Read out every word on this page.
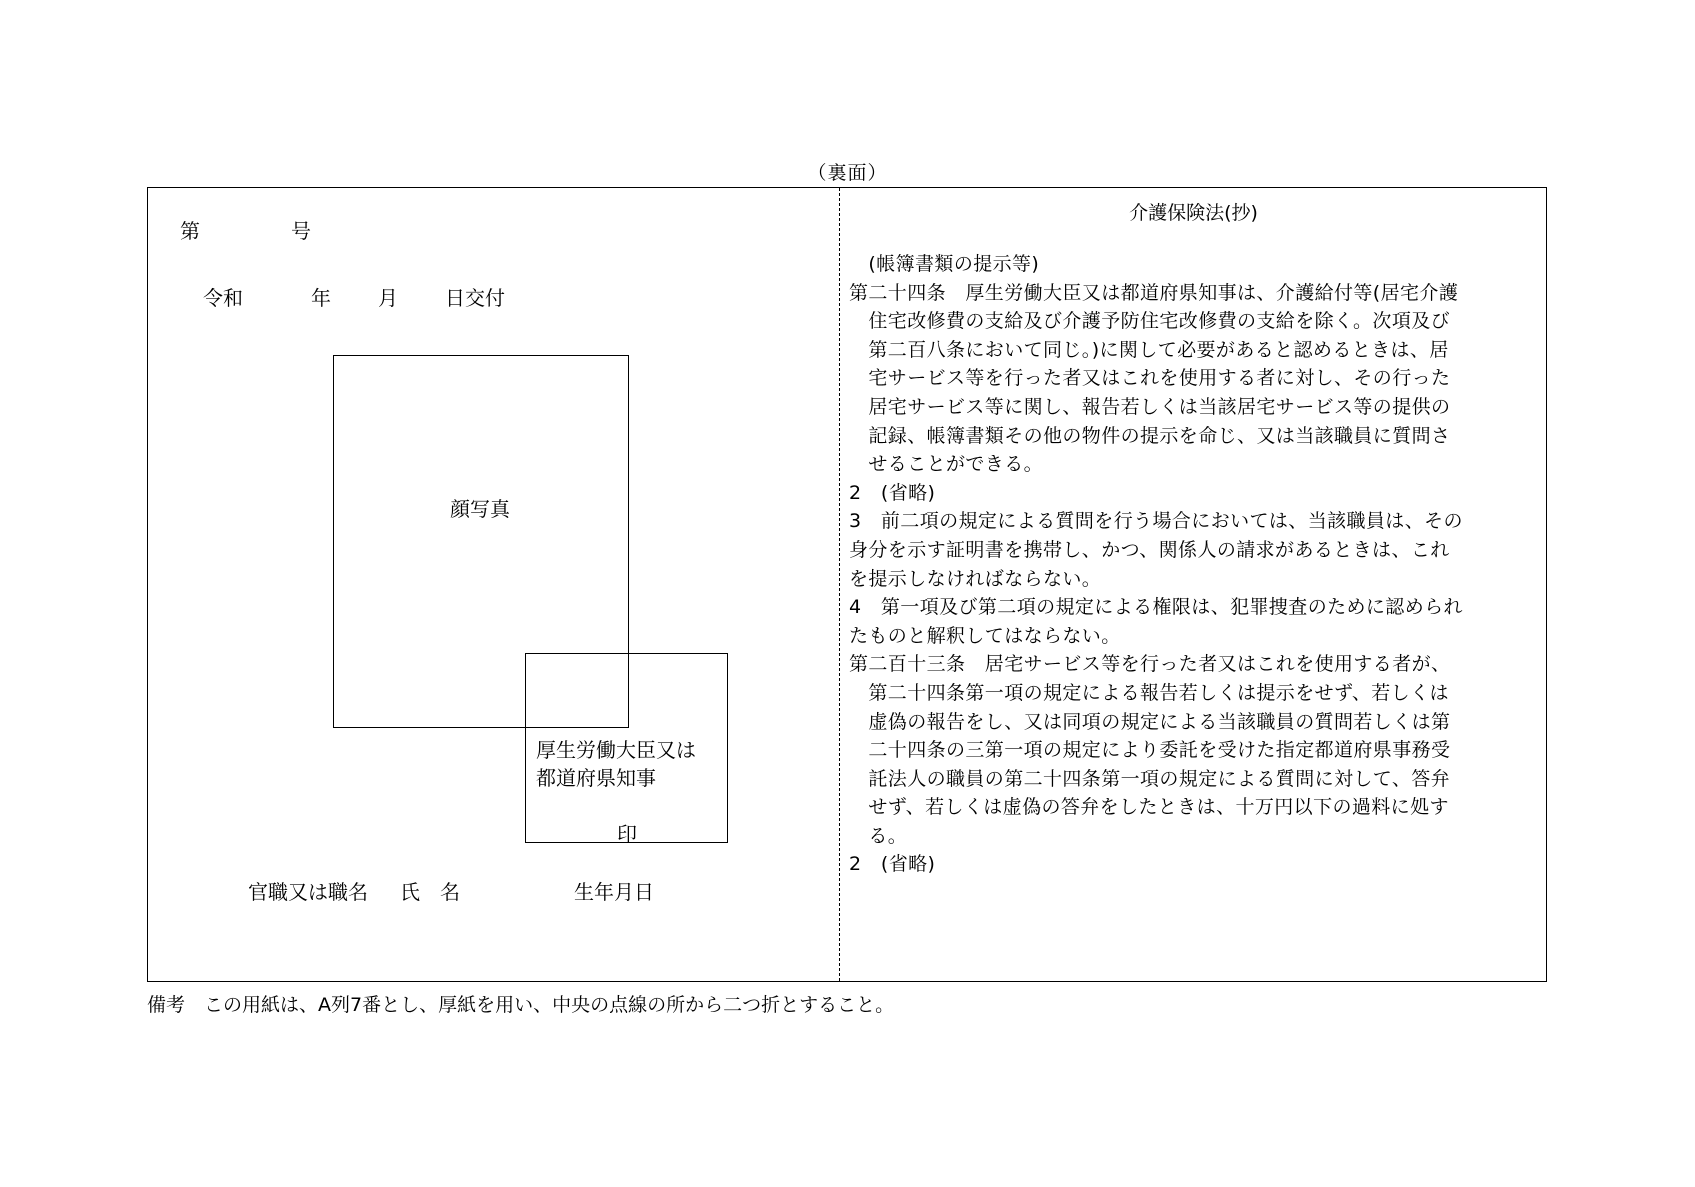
（裏面）
第	号
令和	年 月 日交付
顔写真
厚生労働大臣又は
都道府県知事
印
官職又は職名 氏　名	生年月日
介護保険法(抄)
　(帳簿書類の提示等)
第二十四条　厚生労働大臣又は都道府県知事は、介護給付等(居宅介護
　住宅改修費の支給及び介護予防住宅改修費の支給を除く。次項及び
　第二百八条において同じ。)に関して必要があると認めるときは、居
　宅サービス等を行った者又はこれを使用する者に対し、その行った
　居宅サービス等に関し、報告若しくは当該居宅サービス等の提供の
　記録、帳簿書類その他の物件の提示を命じ、又は当該職員に質問さ
　せることができる。
2　(省略)
3　前二項の規定による質問を行う場合においては、当該職員は、その
身分を示す証明書を携帯し、かつ、関係人の請求があるときは、これ
を提示しなければならない。
4　第一項及び第二項の規定による権限は、犯罪捜査のために認められ
たものと解釈してはならない。
第二百十三条　居宅サービス等を行った者又はこれを使用する者が、
　第二十四条第一項の規定による報告若しくは提示をせず、若しくは
　虚偽の報告をし、又は同項の規定による当該職員の質問若しくは第
　二十四条の三第一項の規定により委託を受けた指定都道府県事務受
　託法人の職員の第二十四条第一項の規定による質問に対して、答弁
　せず、若しくは虚偽の答弁をしたときは、十万円以下の過料に処す
　る。
2　(省略)
備考　この用紙は、A列7番とし、厚紙を用い、中央の点線の所から二つ折とすること。
